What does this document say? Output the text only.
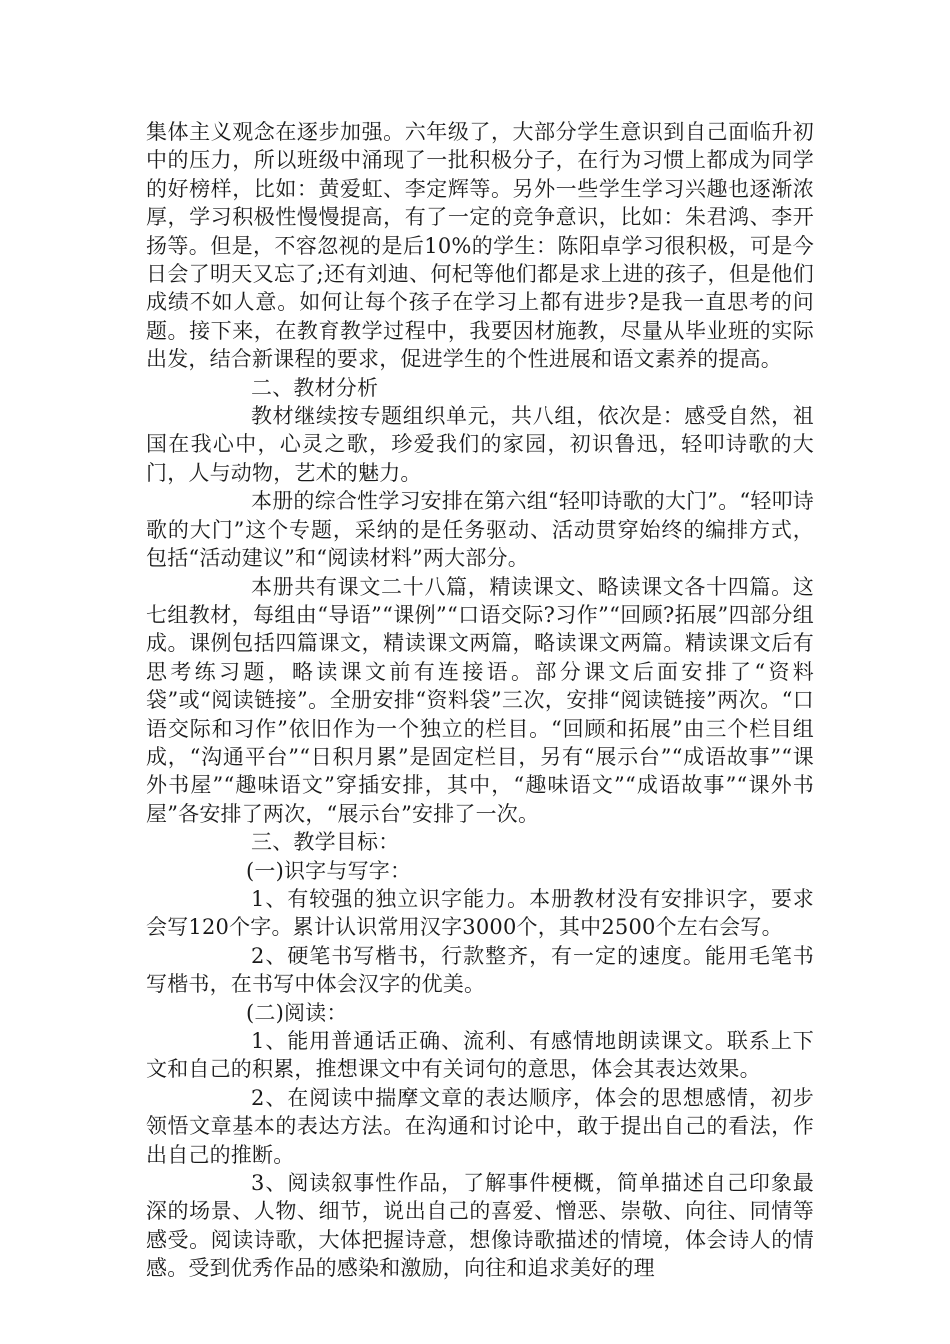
集体主义观念在逐步加强。六年级了，大部分学生意识到自己面临升初中的压力，所以班级中涌现了一批积极分子，在行为习惯上都成为同学的好榜样，比如：黄爱虹、李定辉等。另外一些学生学习兴趣也逐渐浓厚，学习积极性慢慢提高，有了一定的竞争意识，比如：朱君鸿、李开扬等。但是，不容忽视的是后10%的学生：陈阳卓学习很积极，可是今日会了明天又忘了;还有刘迪、何杞等他们都是求上进的孩子，但是他们成绩不如人意。如何让每个孩子在学习上都有进步?是我一直思考的问题。接下来，在教育教学过程中，我要因材施教，尽量从毕业班的实际出发，结合新课程的要求，促进学生的个性进展和语文素养的提高。

二、教材分析

教材继续按专题组织单元，共八组，依次是：感受自然，祖国在我心中，心灵之歌，珍爱我们的家园，初识鲁迅，轻叩诗歌的大门，人与动物，艺术的魅力。

本册的综合性学习安排在第六组“轻叩诗歌的大门”。“轻叩诗歌的大门”这个专题，采纳的是任务驱动、活动贯穿始终的编排方式，包括“活动建议”和“阅读材料”两大部分。

本册共有课文二十八篇，精读课文、略读课文各十四篇。这七组教材，每组由“导语”“课例”“口语交际?习作”“回顾?拓展”四部分组成。课例包括四篇课文，精读课文两篇，略读课文两篇。精读课文后有思考练习题，略读课文前有连接语。部分课文后面安排了“资料袋”或“阅读链接”。全册安排“资料袋”三次，安排“阅读链接”两次。“口语交际和习作”依旧作为一个独立的栏目。“回顾和拓展”由三个栏目组成，“沟通平台”“日积月累”是固定栏目，另有“展示台”“成语故事”“课外书屋”“趣味语文”穿插安排，其中，“趣味语文”“成语故事”“课外书屋”各安排了两次，“展示台”安排了一次。

三、教学目标：

(一)识字与写字：

1、有较强的独立识字能力。本册教材没有安排识字，要求会写120个字。累计认识常用汉字3000个，其中2500个左右会写。

2、硬笔书写楷书，行款整齐，有一定的速度。能用毛笔书写楷书，在书写中体会汉字的优美。

(二)阅读：

1、能用普通话正确、流利、有感情地朗读课文。联系上下文和自己的积累，推想课文中有关词句的意思，体会其表达效果。

2、在阅读中揣摩文章的表达顺序，体会的思想感情，初步领悟文章基本的表达方法。在沟通和讨论中，敢于提出自己的看法，作出自己的推断。

3、阅读叙事性作品，了解事件梗概，简单描述自己印象最深的场景、人物、细节，说出自己的喜爱、憎恶、崇敬、向往、同情等感受。阅读诗歌，大体把握诗意，想像诗歌描述的情境，体会诗人的情感。受到优秀作品的感染和激励，向往和追求美好的理
